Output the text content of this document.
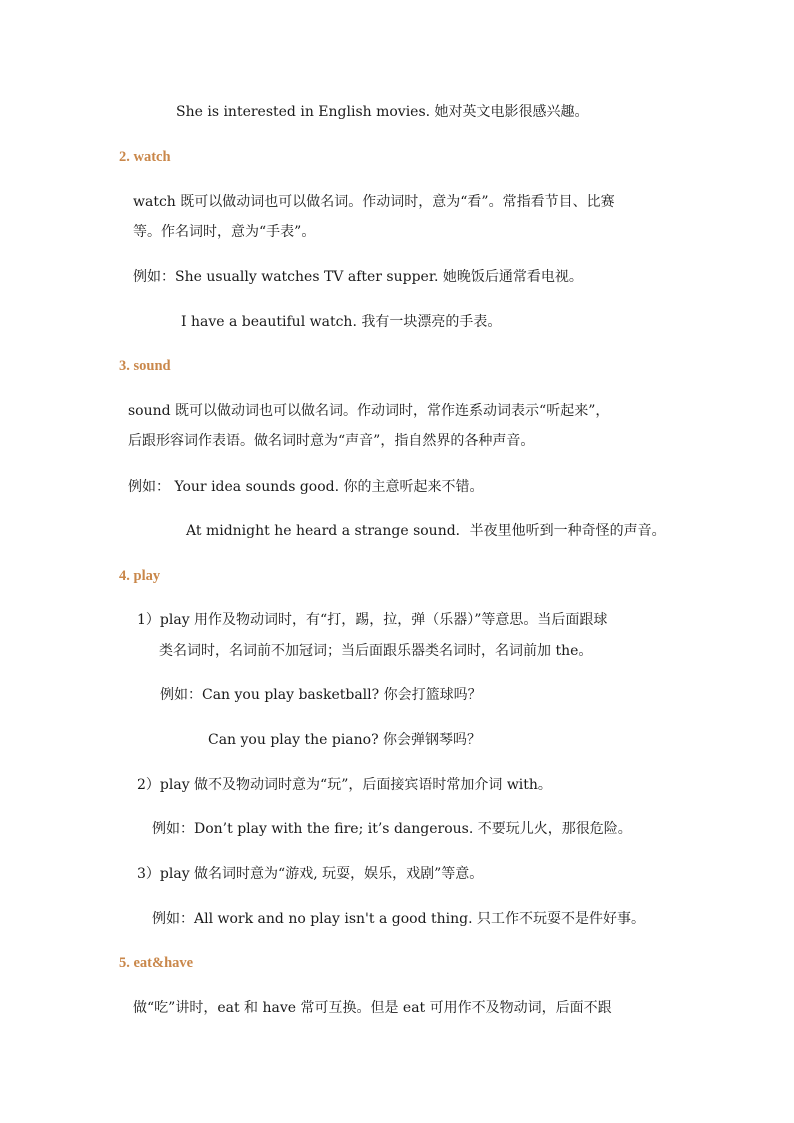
She is interested in English movies. 她对英文电影很感兴趣。
2. watch
watch 既可以做动词也可以做名词。作动词时，意为“看”。常指看节目、比赛
等。作名词时，意为“手表”。
例如：She usually watches TV after supper. 她晚饭后通常看电视。
I have a beautiful watch. 我有一块漂亮的手表。
3. sound
sound 既可以做动词也可以做名词。作动词时，常作连系动词表示“听起来”，
后跟形容词作表语。做名词时意为“声音”，指自然界的各种声音。
例如： Your idea sounds good. 你的主意听起来不错。
At midnight he heard a strange sound．半夜里他听到一种奇怪的声音。
4. play
1）play 用作及物动词时，有“打，踢，拉，弹（乐器）”等意思。当后面跟球
类名词时，名词前不加冠词；当后面跟乐器类名词时，名词前加 the。
例如：Can you play basketball? 你会打篮球吗？
Can you play the piano? 你会弹钢琴吗？
2）play 做不及物动词时意为“玩”，后面接宾语时常加介词 with。
例如：Don’t play with the fire; it’s dangerous. 不要玩儿火，那很危险。
3）play 做名词时意为“游戏, 玩耍，娱乐，戏剧”等意。
例如：All work and no play isn't a good thing. 只工作不玩耍不是件好事。
5. eat&have
做“吃”讲时，eat 和 have 常可互换。但是 eat 可用作不及物动词，后面不跟
